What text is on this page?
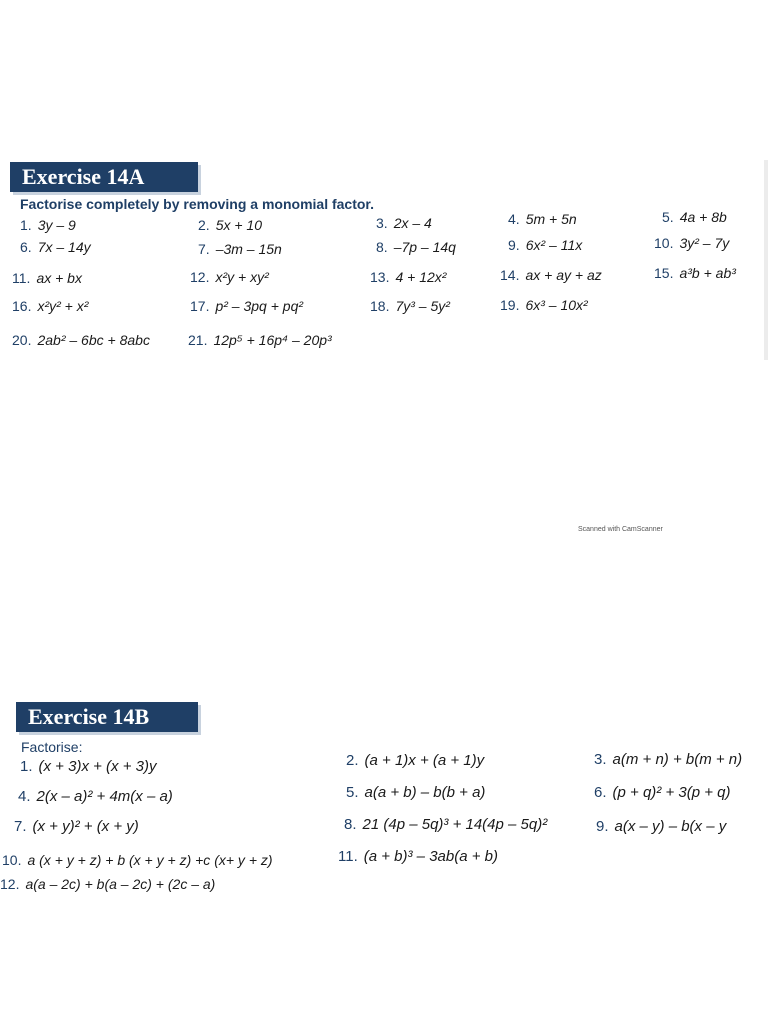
Exercise 14A
Factorise completely by removing a monomial factor.
1. 3y – 9	2. 5x + 10	3. 2x – 4	4. 5m + 5n	5. 4a + 8b
6. 7x – 14y	7. –3m – 15n	8. –7p – 14q	9. 6x² – 11x	10. 3y² – 7y
11. ax + bx	12. x²y + xy²	13. 4 + 12x²	14. ax + ay + az	15. a³b + ab³
16. x²y² + x²	17. p² – 3pq + pq²	18. 7y³ – 5y²	19. 6x³ – 10x²
20. 2ab² – 6bc + 8abc	21. 12p⁵ + 16p⁴ – 20p³
Scanned with CamScanner
Exercise 14B
Factorise:
1. (x + 3)x + (x + 3)y	2. (a + 1)x + (a + 1)y	3. a(m + n) + b(m + n)
4. 2(x – a)² + 4m(x – a)	5. a(a + b) – b(b + a)	6. (p + q)² + 3(p + q)
7. (x + y)² + (x + y)	8. 21 (4p – 5q)³ + 14(4p – 5q)²	9. a(x – y) – b(x – y
10. a (x + y + z) + b (x + y + z) +c (x+ y + z)	11. (a + b)³ – 3ab(a + b)
12. a(a – 2c) + b(a – 2c) + (2c – a)
